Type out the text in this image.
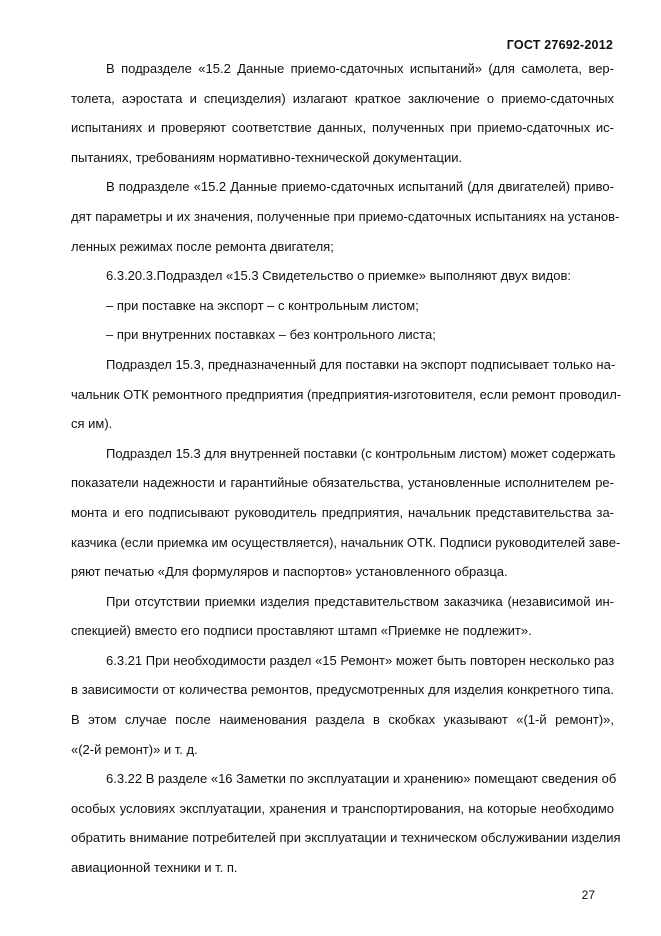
ГОСТ 27692-2012
В подразделе «15.2 Данные приемо-сдаточных испытаний» (для самолета, вер-
толета, аэростата и специзделия) излагают краткое заключение о приемо-сдаточных
испытаниях и проверяют соответствие данных, полученных при приемо-сдаточных ис-
пытаниях, требованиям нормативно-технической документации.
В подразделе «15.2 Данные приемо-сдаточных испытаний (для двигателей) приво-
дят параметры и их значения, полученные при приемо-сдаточных испытаниях на установ-
ленных режимах после ремонта двигателя;
6.3.20.3.Подраздел «15.3 Свидетельство о приемке» выполняют двух видов:
– при поставке на экспорт – с контрольным листом;
– при внутренних поставках – без контрольного листа;
Подраздел 15.3, предназначенный для поставки на экспорт подписывает только на-
чальник ОТК ремонтного предприятия (предприятия-изготовителя, если ремонт проводил-
ся им).
Подраздел 15.3 для внутренней поставки (с контрольным листом) может содержать
показатели надежности и гарантийные обязательства, установленные исполнителем ре-
монта и его подписывают руководитель предприятия, начальник представительства за-
казчика (если приемка им осуществляется), начальник ОТК. Подписи руководителей заве-
ряют печатью «Для формуляров и паспортов» установленного образца.
При отсутствии приемки изделия представительством заказчика (независимой ин-
спекцией) вместо его подписи проставляют штамп «Приемке не подлежит».
6.3.21 При необходимости раздел «15 Ремонт» может быть повторен несколько раз
в зависимости от количества ремонтов, предусмотренных для изделия конкретного типа.
В этом случае после наименования раздела в скобках указывают «(1-й ремонт)»,
«(2-й ремонт)» и т. д.
6.3.22 В разделе «16 Заметки по эксплуатации и хранению» помещают сведения об
особых условиях эксплуатации, хранения и транспортирования, на которые необходимо
обратить внимание потребителей при эксплуатации и техническом обслуживании изделия
авиационной техники и т. п.
27
